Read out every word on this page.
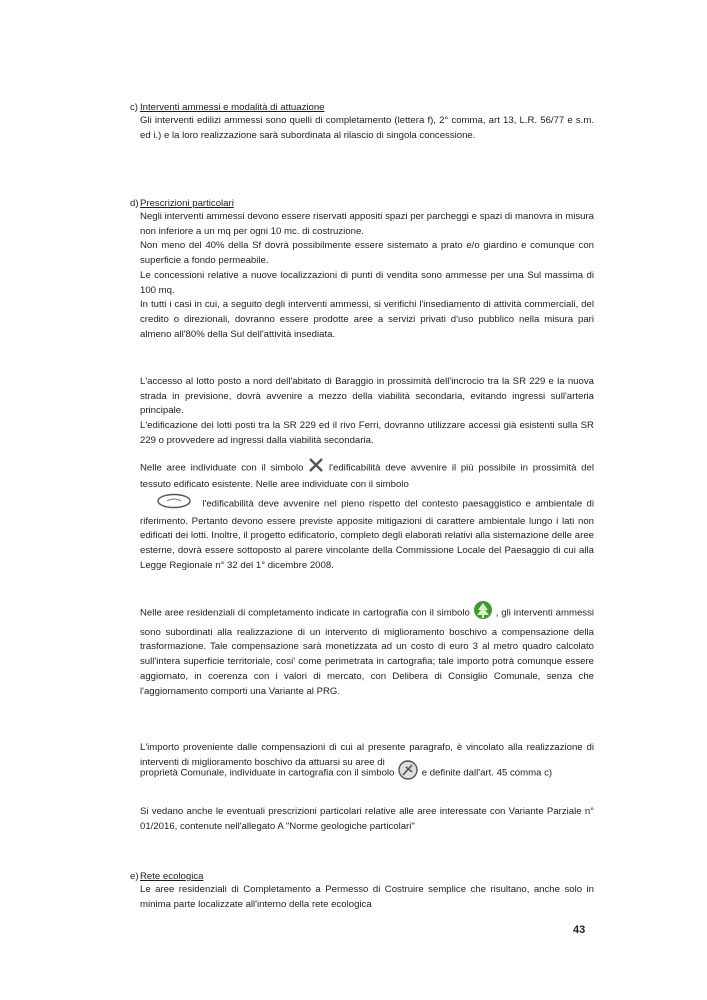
c) Interventi ammessi e modalità di attuazione
Gli interventi edilizi ammessi sono quelli di completamento (lettera f), 2° comma, art 13, L.R. 56/77 e s.m. ed i.) e la loro realizzazione sarà subordinata al rilascio di singola concessione.
d) Prescrizioni particolari
Negli interventi ammessi devono essere riservati appositi spazi per parcheggi e spazi di manovra in misura non inferiore a un mq per ogni 10 mc. di costruzione.
Non meno del 40% della Sf dovrà possibilmente essere sistemato a prato e/o giardino e comunque con superficie a fondo permeabile.
Le concessioni relative a nuove localizzazioni di punti di vendita sono ammesse per una Sul massima di 100 mq.
In tutti i casi in cui, a seguito degli interventi ammessi, si verifichi l'insediamento di attività commerciali, del credito o direzionali, dovranno essere prodotte aree a servizi privati d'uso pubblico nella misura pari almeno all'80% della Sul dell'attività insediata.
L'accesso al lotto posto a nord dell'abitato di Baraggio in prossimità dell'incrocio tra la SR 229 e la nuova strada in previsione, dovrà avvenire a mezzo della viabilità secondaria, evitando ingressi sull'arteria principale.
L'edificazione dei lotti posti tra la SR 229 ed il rivo Ferri, dovranno utilizzare accessi già esistenti sulla SR 229 o provvedere ad ingressi dalla viabilità secondaria.
Nelle aree individuate con il simbolo	l'edificabilità deve avvenire il più possibile in prossimità del tessuto edificato esistente. Nelle aree individuate con il simbolo
l'edificabilità deve avvenire nel pieno rispetto del contesto paesaggistico e ambientale di riferimento. Pertanto devono essere previste apposite mitigazioni di carattere ambientale lungo i lati non edificati dei lotti. Inoltre, il progetto edificatorio, completo degli elaborati relativi alla sistemazione delle aree esterne, dovrà essere sottoposto al parere vincolante della Commissione Locale del Paesaggio di cui alla Legge Regionale n° 32 del 1° dicembre 2008.
Nelle aree residenziali di completamento indicate in cartografia con il simbolo	, gli interventi ammessi sono subordinati alla realizzazione di un intervento di miglioramento boschivo a compensazione della trasformazione. Tale compensazione sarà monetizzata ad un costo di euro 3 al metro quadro calcolato sull'intera superficie territoriale, cosi' come perimetrata in cartografia; tale importo potrà comunque essere aggiornato, in coerenza con i valori di mercato, con Delibera di Consiglio Comunale, senza che l'aggiornamento comporti una Variante al PRG.
L'importo proveniente dalle compensazioni di cui al presente paragrafo, è vincolato alla realizzazione di interventi di miglioramento boschivo da attuarsi su aree di
proprietà Comunale, individuate in cartografia con il simbolo	e definite dall'art. 45 comma c)
Si vedano anche le eventuali prescrizioni particolari relative alle aree interessate con Variante Parziale n° 01/2016, contenute nell'allegato A "Norme geologiche particolari"
e) Rete ecologica
Le aree residenziali di Completamento a Permesso di Costruire semplice che risultano, anche solo in minima parte localizzate all'interno della rete ecologica
43
